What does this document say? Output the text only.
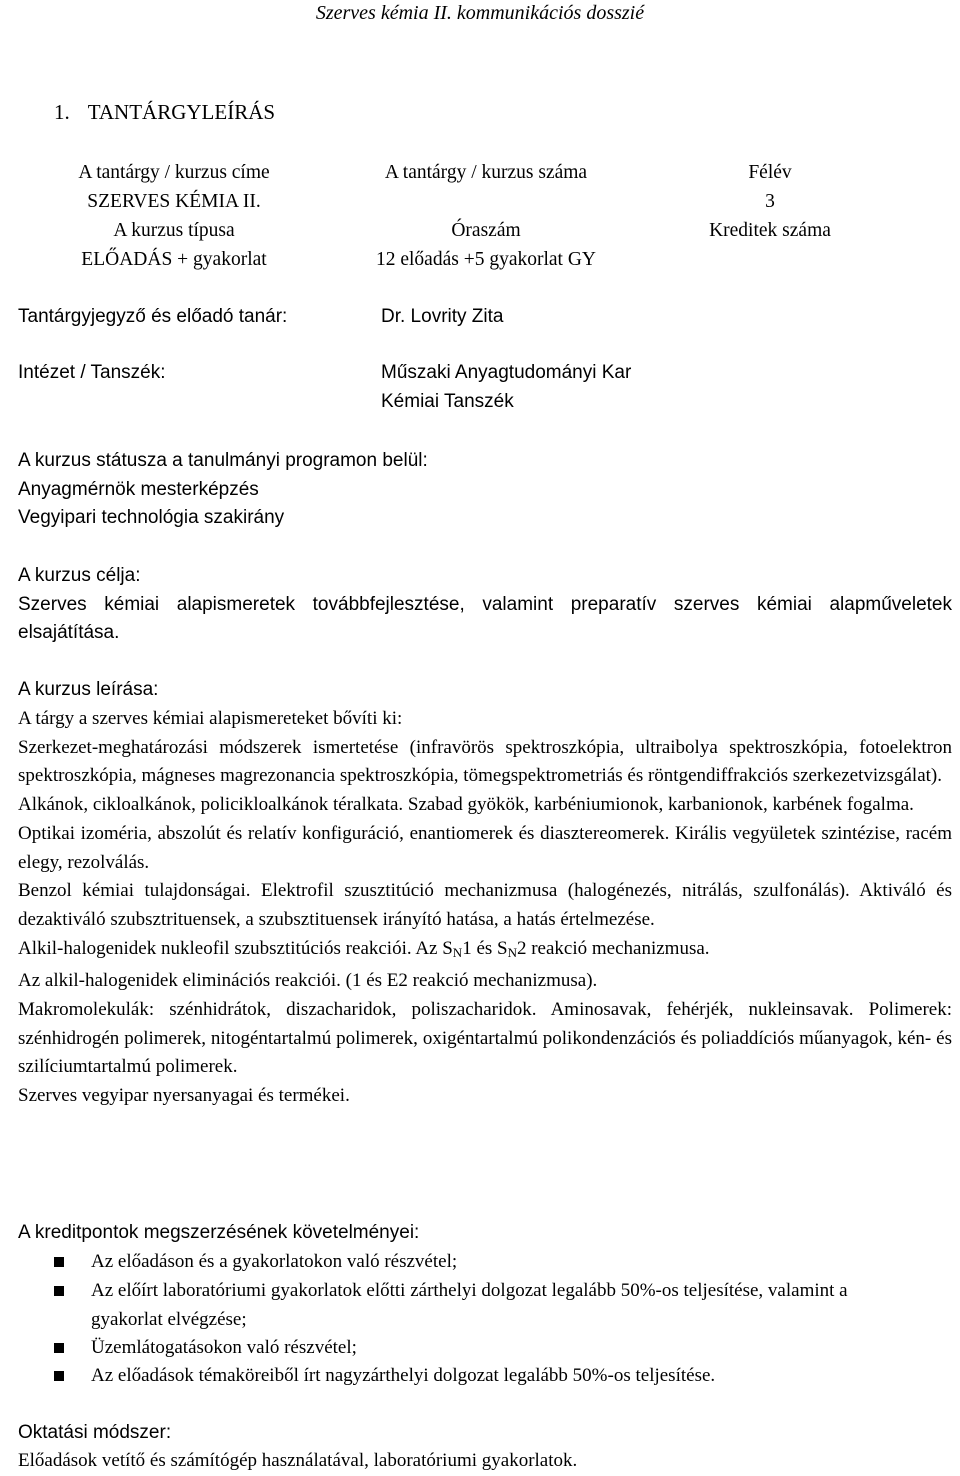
Szerves kémia II. kommunikációs dosszié
1. TANTÁRGYLEÍRÁS
A tantárgy / kurzus címe	A tantárgy / kurzus száma	Félév
SZERVES KÉMIA II.		3
A kurzus típusa	Óraszám	Kreditek száma
ELŐADÁS + gyakorlat	12 előadás +5 gyakorlat GY	
Tantárgyjegyző és előadó tanár:	Dr. Lovrity Zita
Intézet / Tanszék:	Műszaki Anyagtudományi Kar
Kémiai Tanszék
A kurzus státusza a tanulmányi programon belül:
Anyagmérnök mesterképzés
Vegyipari technológia szakirány
A kurzus célja:
Szerves kémiai alapismeretek továbbfejlesztése, valamint preparatív szerves kémiai alapműveletek elsajátítása.
A kurzus leírása:

A tárgy a szerves kémiai alapismereteket bővíti ki:

Szerkezet-meghatározási módszerek ismertetése (infravörös spektroszkópia, ultraibolya spektroszkópia, fotoelektron spektroszkópia, mágneses magrezonancia spektroszkópia, tömegspektrometriás és röntgendiffrakciós szerkezetvizsgálat).

Alkánok, cikloalkánok, policikloalkánok téralkata. Szabad gyökök, karbéniumionok, karbanionok, karbének fogalma.

Optikai izoméria, abszolút és relatív konfiguráció, enantiomerek és diasztereomerek. Királis vegyületek szintézise, racém elegy, rezolválás.

Benzol kémiai tulajdonságai. Elektrofil szusztitúció mechanizmusa (halogénezés, nitrálás, szulfonálás). Aktiváló és dezaktiváló szubsztrituensek, a szubsztituensek irányító hatása, a hatás értelmezése.

Alkil-halogenidek nukleofil szubsztitúciós reakciói. Az $S_N1$ és $S_N2$ reakció mechanizmusa.

Az alkil-halogenidek eliminációs reakciói. (1 és E2 reakció mechanizmusa).

Makromolekulák: szénhidrátok, diszacharidok, poliszacharidok. Aminosavak, fehérjék, nukleinsavak. Polimerek: szénhidrogén polimerek, nitogéntartalmú polimerek, oxigéntartalmú polikondenzációs és poliaddíciós műanyagok, kén- és szilíciumtartalmú polimerek.

Szerves vegyipar nyersanyagai és termékei.

A kreditpontok megszerzésének követelményei:
Az előadáson és a gyakorlatokon való részvétel;
Az előírt laboratóriumi gyakorlatok előtti zárthelyi dolgozat legalább 50%-os teljesítése, valamint a gyakorlat elvégzése;
Üzemlátogatásokon való részvétel;
Az előadások témaköreiből írt nagyzárthelyi dolgozat legalább 50%-os teljesítése.
Oktatási módszer:
Előadások vetítő és számítógép használatával, laboratóriumi gyakorlatok.
